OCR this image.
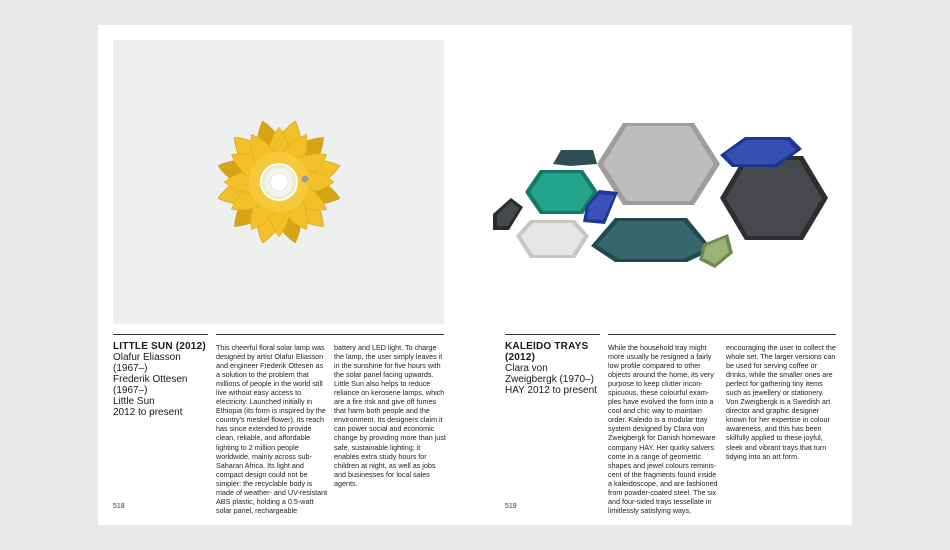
LITTLE SUN (2012)
Olafur Eliasson
(1967–)
Frederik Ottesen
(1967–)
Little Sun
2012 to present

This cheerful floral solar lamp was designed by artist Olafur Eliasson and engineer Frederik Ottesen as a solution to the problem that millions of people in the world still live without easy access to electricity. Launched initially in Ethiopia (its form is inspired by the country's meskel flower), its reach has since extended to provide clean, reliable, and affordable lighting to 2 million people worldwide, mainly across sub-Saharan Africa. Its light and compact design could not be simpler: the recyclable body is made of weather- and UV-resistant ABS plastic, holding a 0.5-watt solar panel, rechargeable

battery and LED light. To charge the lamp, the user simply leaves it in the sunshine for five hours with the solar panel facing upwards. Little Sun also helps to reduce reliance on kerosene lamps, which are a fire risk and give off fumes that harm both people and the environment. Its designers claim it can power social and economic change by providing more than just safe, sustainable lighting; it enables extra study hours for children at night, as well as jobs and businesses for local sales agents.

518
KALEIDO TRAYS
(2012)
Clara von
Zweigbergk (1970–)
HAY 2012 to present

While the household tray might more usually be resigned a fairly low profile compared to other objects around the home, its very purpose to keep clutter incon- spicuous, these colourful exam- ples have evolved the form into a cool and chic way to maintain order. Kaleido is a modular tray system designed by Clara von Zweigbergk for Danish homeware company HAY. Her quirky salvers come in a range of geometric shapes and jewel colours reminis- cent of the fragments found inside a kaleidoscope, and are fashioned from powder-coated steel. The six and four-sided trays tessellate in limitlessly satisfying ways,

encouraging the user to collect the whole set. The larger versions can be used for serving coffee or drinks, while the smaller ones are perfect for gathering tiny items such as jewellery or stationery. Von Zweigbergk is a Swedish art director and graphic designer known for her expertise in colour awareness, and this has been skilfully applied to these joyful, sleek and vibrant trays that turn tidying into an art form.

519
